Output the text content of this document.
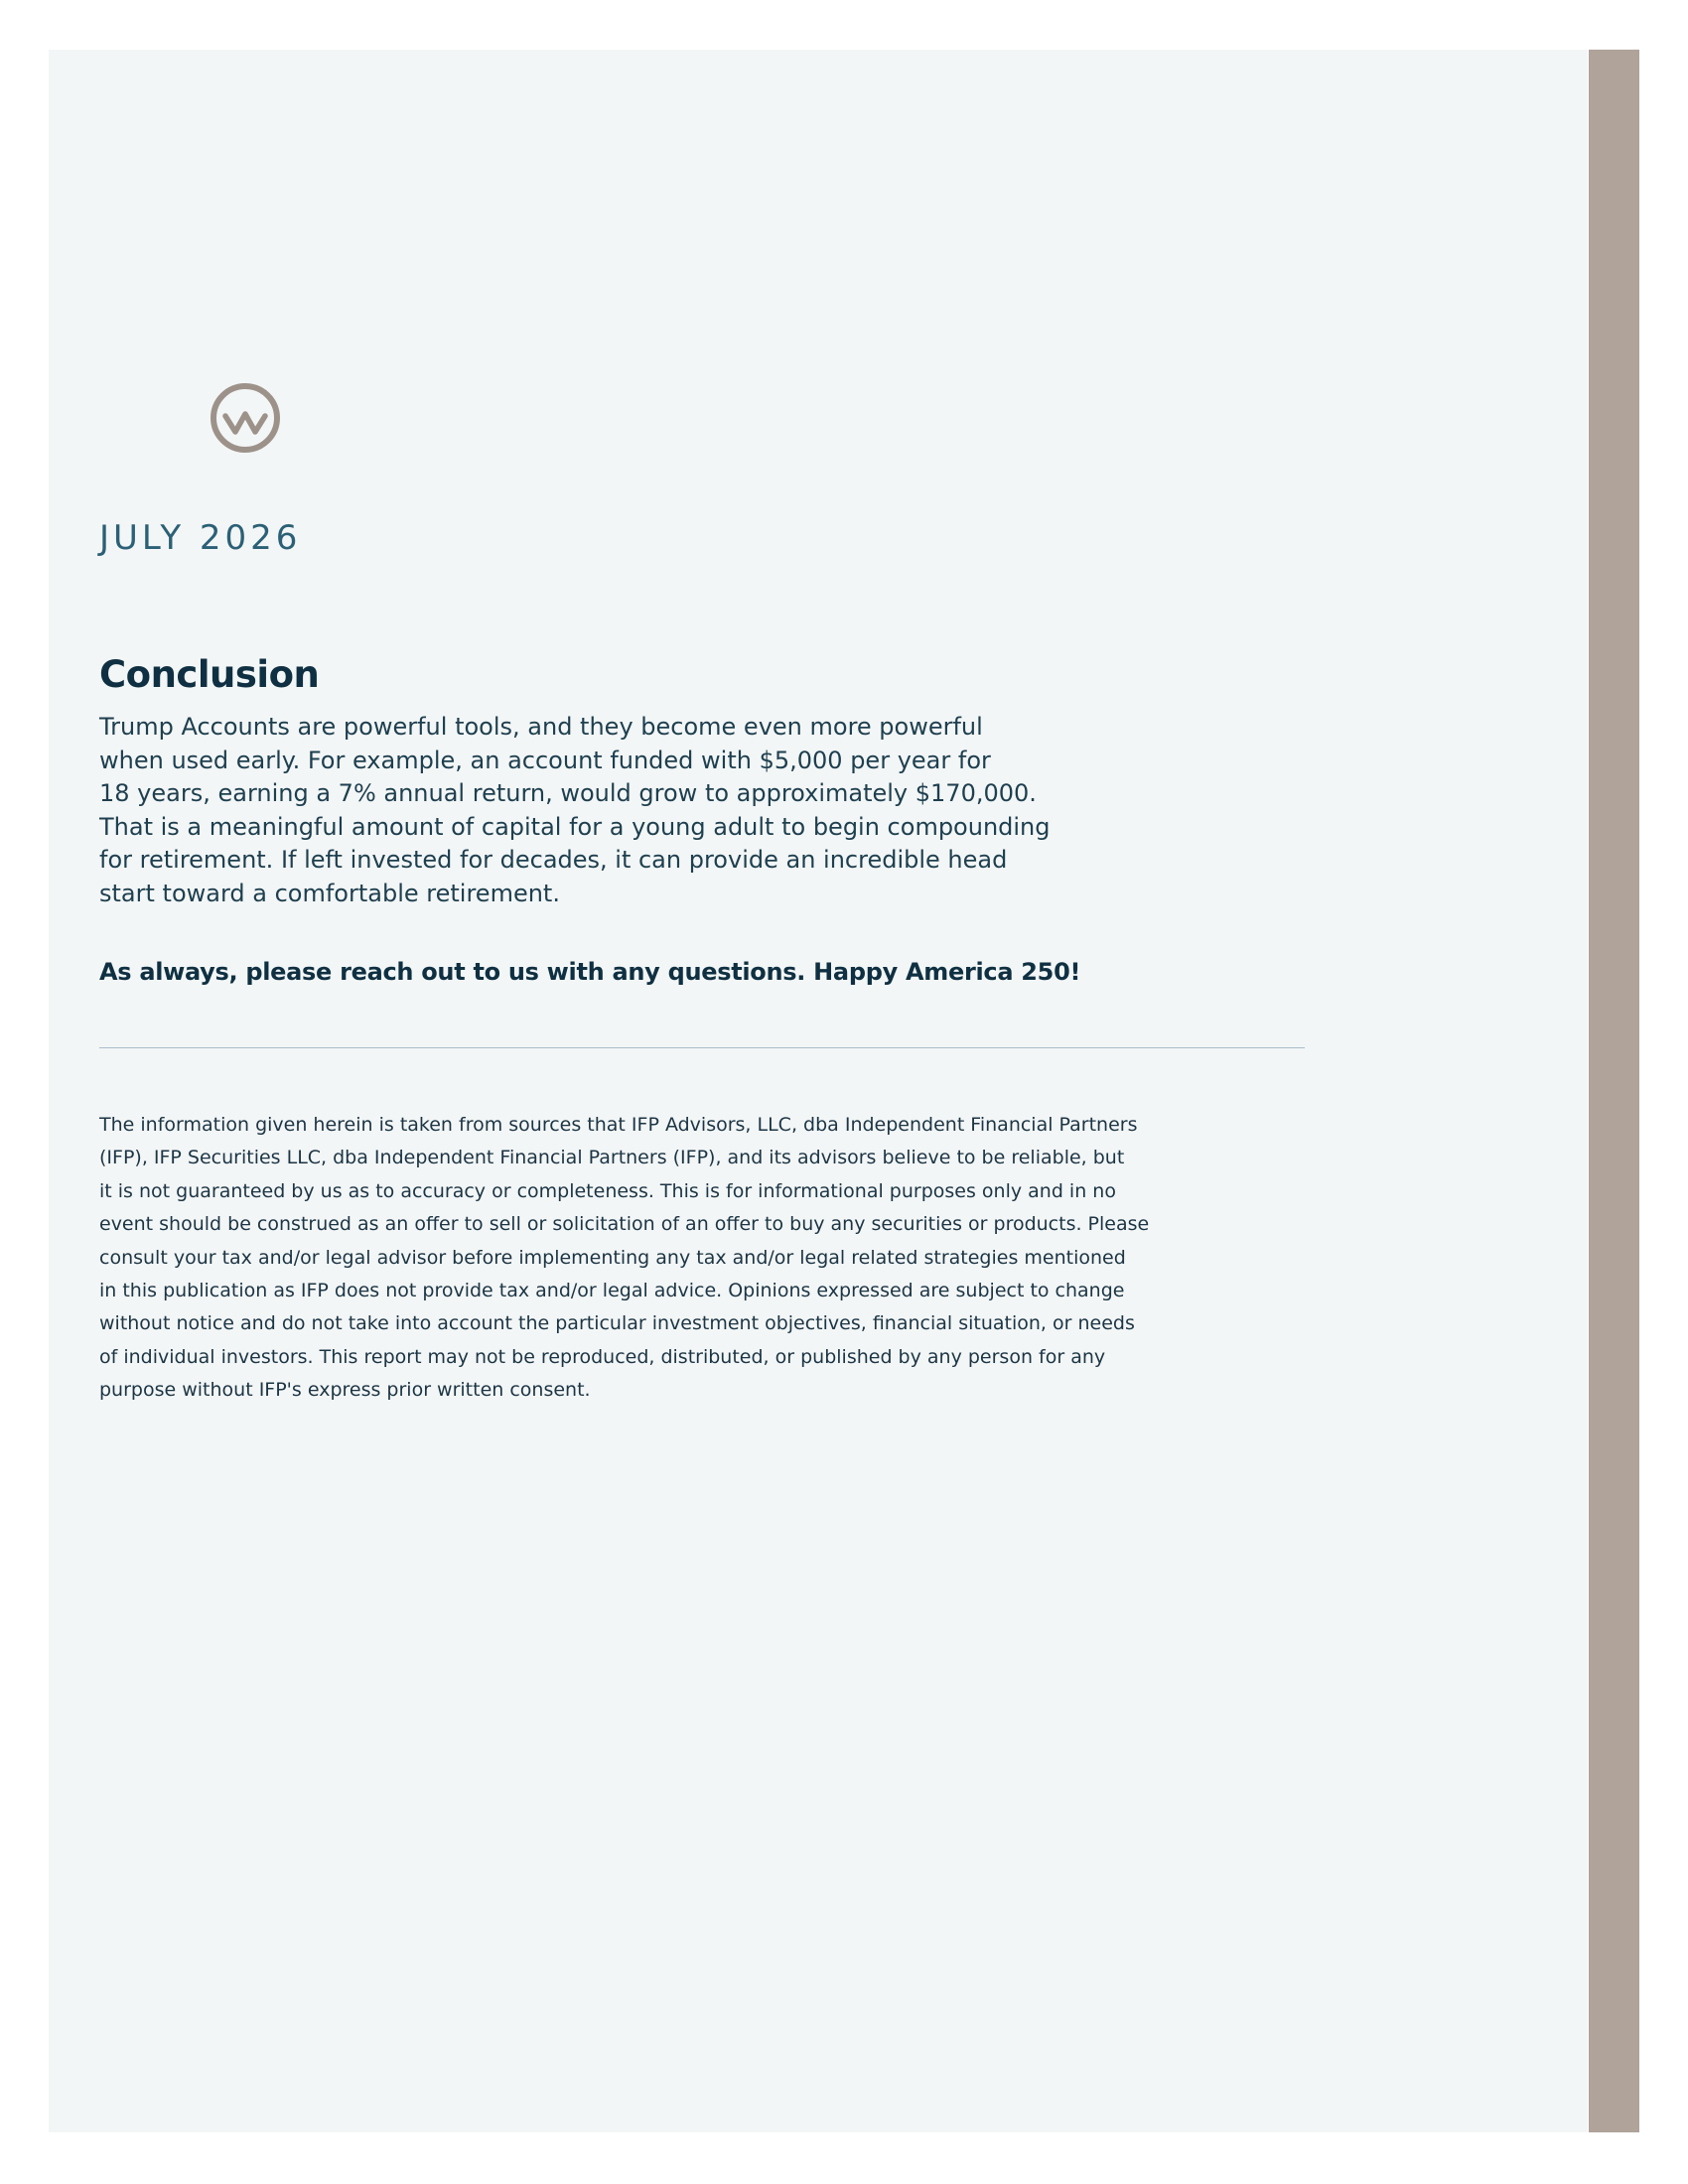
JULY 2026
Conclusion
Trump Accounts are powerful tools, and they become even more powerful
when used early. For example, an account funded with $5,000 per year for
18 years, earning a 7% annual return, would grow to approximately $170,000.
That is a meaningful amount of capital for a young adult to begin compounding
for retirement. If left invested for decades, it can provide an incredible head
start toward a comfortable retirement.
As always, please reach out to us with any questions. Happy America 250!
The information given herein is taken from sources that IFP Advisors, LLC, dba Independent Financial Partners
(IFP), IFP Securities LLC, dba Independent Financial Partners (IFP), and its advisors believe to be reliable, but
it is not guaranteed by us as to accuracy or completeness. This is for informational purposes only and in no
event should be construed as an offer to sell or solicitation of an offer to buy any securities or products. Please
consult your tax and/or legal advisor before implementing any tax and/or legal related strategies mentioned
in this publication as IFP does not provide tax and/or legal advice. Opinions expressed are subject to change
without notice and do not take into account the particular investment objectives, financial situation, or needs
of individual investors. This report may not be reproduced, distributed, or published by any person for any
purpose without IFP's express prior written consent.
